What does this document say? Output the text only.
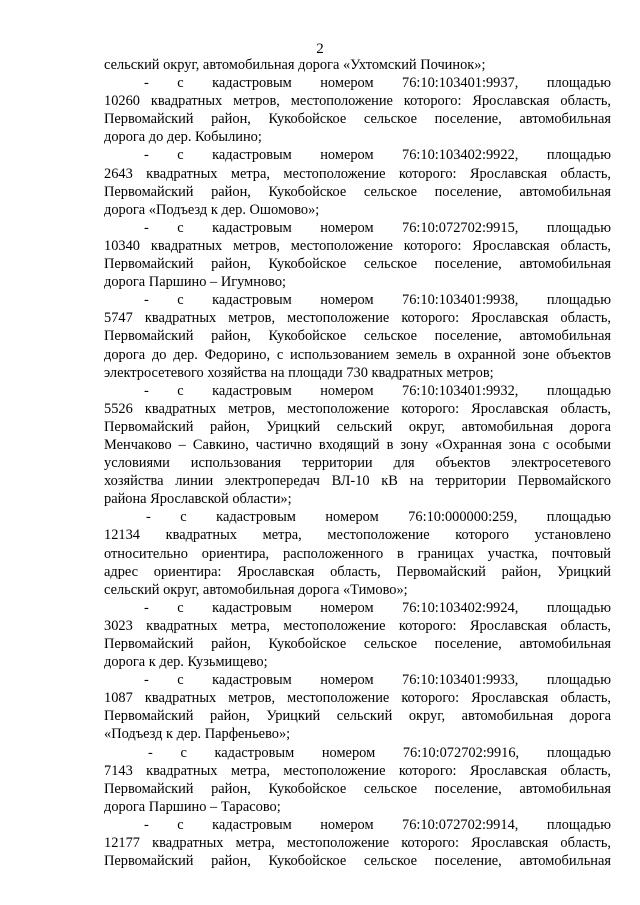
2
сельский округ, автомобильная дорога «Ухтомский Починок»;
- с кадастровым номером 76:10:103401:9937, площадью
10260 квадратных метров, местоположение которого: Ярославская область,
Первомайский район, Кукобойское сельское поселение, автомобильная
дорога до дер. Кобылино;
- с кадастровым номером 76:10:103402:9922, площадью
2643 квадратных метра, местоположение которого: Ярославская область,
Первомайский район, Кукобойское сельское поселение, автомобильная
дорога «Подъезд к дер. Ошомово»;
- с кадастровым номером 76:10:072702:9915, площадью
10340 квадратных метров, местоположение которого: Ярославская область,
Первомайский район, Кукобойское сельское поселение, автомобильная
дорога Паршино – Игумново;
- с кадастровым номером 76:10:103401:9938, площадью
5747 квадратных метров, местоположение которого: Ярославская область,
Первомайский район, Кукобойское сельское поселение, автомобильная
дорога до дер. Федорино, с использованием земель в охранной зоне объектов
электросетевого хозяйства на площади 730 квадратных метров;
- с кадастровым номером 76:10:103401:9932, площадью
5526 квадратных метров, местоположение которого: Ярославская область,
Первомайский район, Урицкий сельский округ, автомобильная дорога
Менчаково – Савкино, частично входящий в зону «Охранная зона с особыми
условиями использования территории для объектов электросетевого
хозяйства линии электропередач ВЛ-10 кВ на территории Первомайского
района Ярославской области»;
- с кадастровым номером 76:10:000000:259, площадью
12134 квадратных метра, местоположение которого установлено
относительно ориентира, расположенного в границах участка, почтовый
адрес ориентира: Ярославская область, Первомайский район, Урицкий
сельский округ, автомобильная дорога «Тимово»;
- с кадастровым номером 76:10:103402:9924, площадью
3023 квадратных метра, местоположение которого: Ярославская область,
Первомайский район, Кукобойское сельское поселение, автомобильная
дорога к дер. Кузьмищево;
- с кадастровым номером 76:10:103401:9933, площадью
1087 квадратных метров, местоположение которого: Ярославская область,
Первомайский район, Урицкий сельский округ, автомобильная дорога
«Подъезд к дер. Парфеньево»;
- с кадастровым номером 76:10:072702:9916, площадью
7143 квадратных метра, местоположение которого: Ярославская область,
Первомайский район, Кукобойское сельское поселение, автомобильная
дорога Паршино – Тарасово;
- с кадастровым номером 76:10:072702:9914, площадью
12177 квадратных метра, местоположение которого: Ярославская область,
Первомайский район, Кукобойское сельское поселение, автомобильная
